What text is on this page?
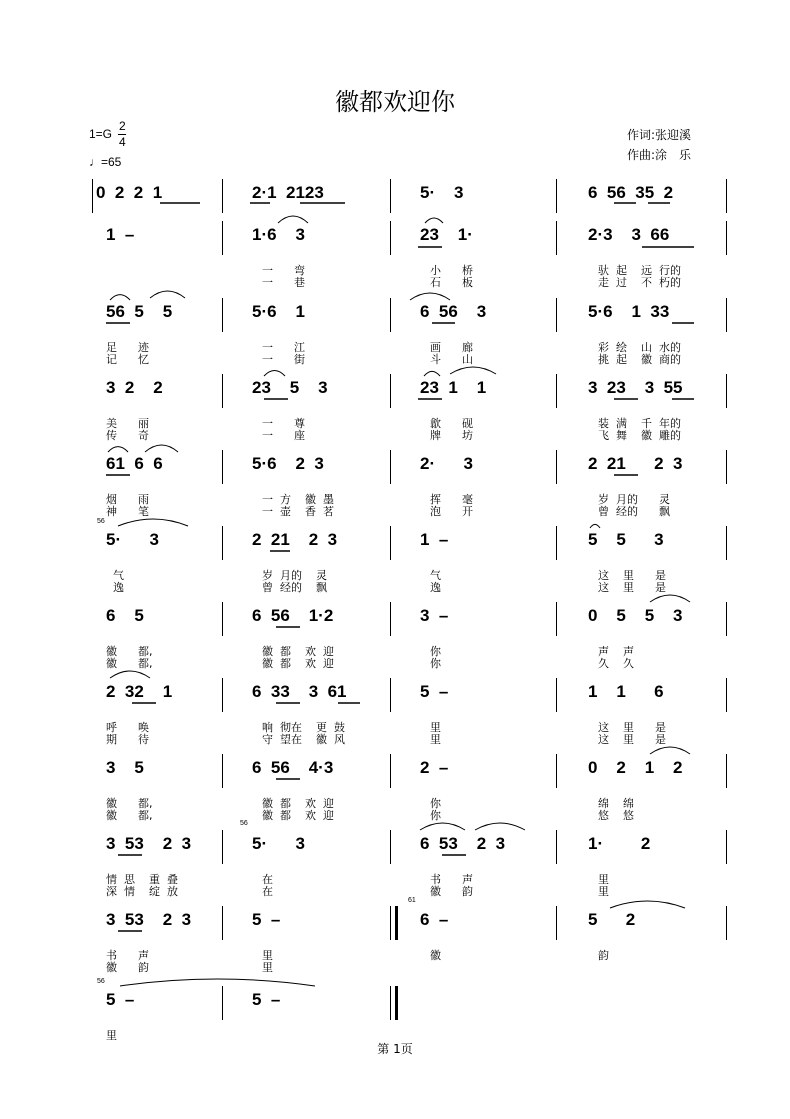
徽都欢迎你
$1=G \frac{2}{4}$
♩=65
作词:张迎溪
作曲:涂　乐
0  2  2  1	2·1  2123	5·    3	6  56  35  2
1  –	1·6    3	23    1·	2·3    3  66
一      弯	小      桥	驮  起    远  行的
一      巷	石      板	走  过    不  朽的
56  5    5	5·6    1	6  56    3	5·6    1  33
足      迹	一      江	画      廊	彩  绘    山  水的
记      忆	一      街	斗      山	挑  起    徽  商的
3  2    2	23    5    3	23  1    1	3  23    3  55
美      丽	一      尊	歙      砚	装  满    千  年的
传      奇	一      座	牌      坊	飞  舞    徽  雕的
61  6  6	5·6    2  3	2·      3	2  21      2  3
烟      雨	一  方    徽  墨	挥      毫	岁  月的      灵
神      笔	一  壶    香  茗	泡      开	曾  经的      飘
5·      3	2  21    2  3	1  –	5    5      3
气	岁  月的    灵	气	这    里      是
逸	曾  经的    飘	逸	这    里      是
6    5	6  56    1·2	3  –	0    5    5    3
徽      都,	徽  都    欢  迎	你	声    声
徽      都,	徽  都    欢  迎	你	久    久
2  32    1	6  33    3  61	5  –	1    1      6
呼      唤	响  彻在    更  鼓	里	这    里      是
期      待	守  望在    徽  风	里	这    里      是
3    5	6  56    4·3	2  –	0    2    1    2
徽      都,	徽  都    欢  迎	你	绵    绵
徽      都,	徽  都    欢  迎	你	悠    悠
3  53    2  3	5·      3	6  53    2  3	1·        2
情  思    重  叠	在	书      声	里
深  情    绽  放	在	徽      韵	里
3  53    2  3	5  –	6  –	5      2
书      声	里	徽	韵
徽      韵	里
5  –	5  –
里
56
56
56
61
第 1页
